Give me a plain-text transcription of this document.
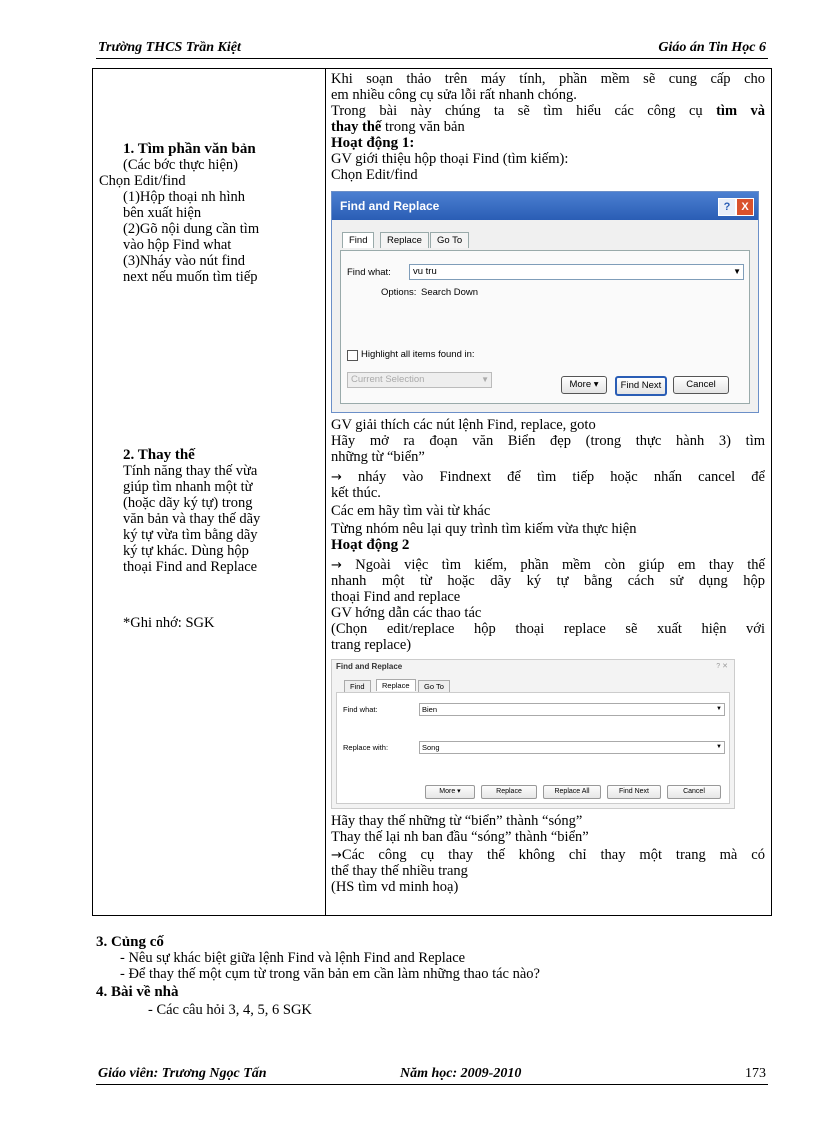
Trường THCS Trần Kiệt	Giáo án Tin Học 6
1. Tìm phần văn bản
(Các bớc thực hiện)
Chọn Edit/find
(1)Hộp thoại nh hình
bên xuất hiện
(2)Gõ nội dung cần tìm
vào hộp Find what
(3)Nháy vào nút find
next nếu muốn tìm tiếp
2. Thay thế
Tính năng thay thế vừa
giúp tìm nhanh một từ
(hoặc dãy ký tự) trong
văn bản và thay thế dãy
ký tự vừa tìm bằng dãy
ký tự khác. Dùng hộp
thoại Find and Replace
*Ghi nhớ: SGK
Khi soạn thảo trên máy tính, phần mềm sẽ cung cấp cho
em nhiều công cụ sửa lỗi rất nhanh chóng.
Trong bài này chúng ta sẽ tìm hiểu các công cụ tìm và
thay thế trong văn bản
Hoạt động 1:
GV giới thiệu hộp thoại Find (tìm kiếm):
Chọn Edit/find
Find and Replace	? X
Find	Replace	Go To
Find what:	vu tru	▼
Options: Search Down
Highlight all items found in:
Current Selection	▼	More ▾	Find Next	Cancel
GV giải thích các nút lệnh Find, replace, goto
Hãy mở ra đoạn văn Biển đẹp (trong thực hành 3) tìm
những từ “biển”
→ nháy vào Findnext để tìm tiếp hoặc nhấn cancel để
kết thúc.
Các em hãy tìm vài từ khác
Từng nhóm nêu lại quy trình tìm kiếm vừa thực hiện
Hoạt động 2
→ Ngoài việc tìm kiếm, phần mềm còn giúp em thay thế
nhanh một từ hoặc dãy ký tự bằng cách sử dụng hộp
thoại Find and replace
GV hớng dẫn các thao tác
(Chọn edit/replace hộp thoại replace sẽ xuất hiện với
trang replace)
Find and Replace	? ✕
Find	Replace	Go To
Find what:	Bien	▼
Replace with:	Song	▼
More ▾	Replace	Replace All	Find Next	Cancel
Hãy thay thế những từ “biển” thành “sóng”
Thay thế lại nh ban đầu “sóng” thành “biển”
→Các công cụ thay thế không chỉ thay một trang mà có
thể thay thế nhiều trang
(HS tìm vd minh hoạ)
3. Củng cố
- Nêu sự khác biệt giữa lệnh Find và lệnh Find and Replace
- Để thay thế một cụm từ trong văn bản em cần làm những thao tác nào?
4. Bài về nhà
- Các câu hỏi 3, 4, 5, 6 SGK
Giáo viên: Trương Ngọc Tấn	Năm học: 2009-2010	173
